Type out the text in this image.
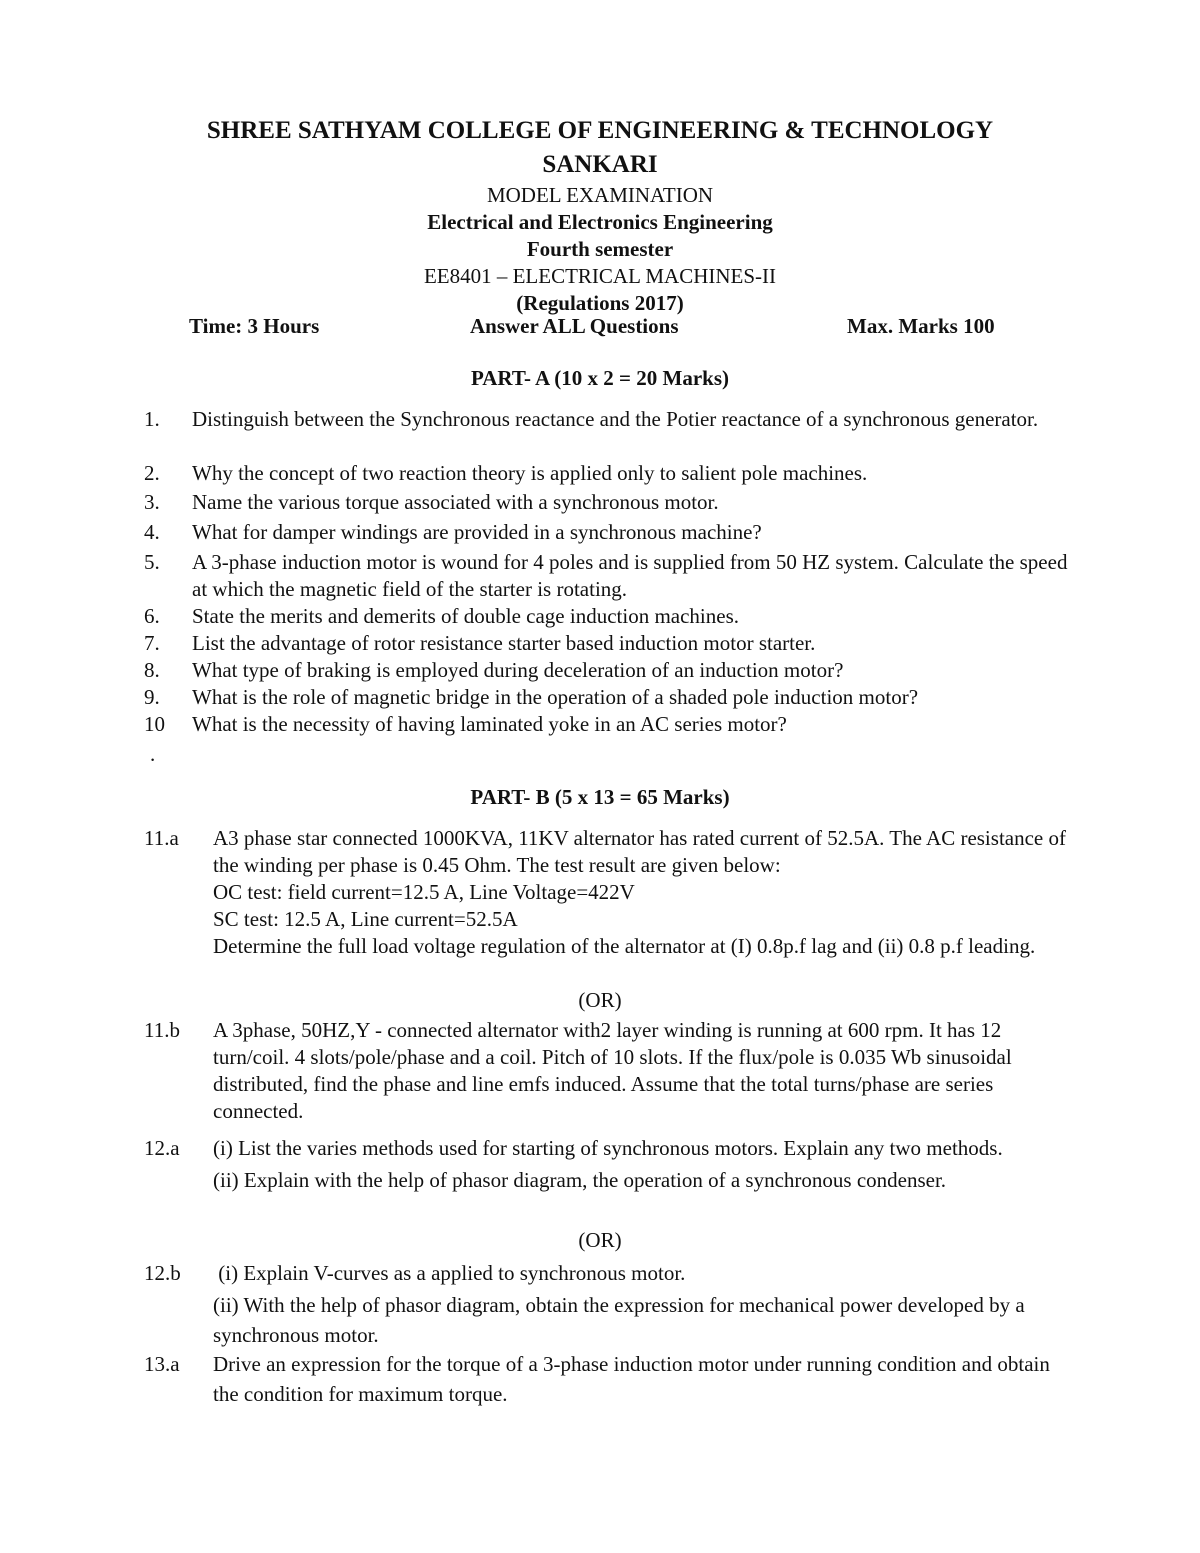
SHREE SATHYAM COLLEGE OF ENGINEERING & TECHNOLOGY
SANKARI
MODEL EXAMINATION
Electrical and Electronics Engineering
Fourth semester
EE8401 – ELECTRICAL MACHINES-II
(Regulations 2017)
Time: 3 Hours	Answer ALL Questions	Max. Marks 100
PART- A (10 x 2 = 20 Marks)
1.	Distinguish between the Synchronous reactance and the Potier reactance of a synchronous generator.
2.	Why the concept of two reaction theory is applied only to salient pole machines.
3.	Name the various torque associated with a synchronous motor.
4.	What for damper windings are provided in a synchronous machine?
5.	A 3-phase induction motor is wound for 4 poles and is supplied from 50 HZ system. Calculate the speed at which the magnetic field of the starter is rotating.
6.	State the merits and demerits of double cage induction machines.
7.	List the advantage of rotor resistance starter based induction motor starter.
8.	What type of braking is employed during deceleration of an induction motor?
9.	What is the role of magnetic bridge in the operation of a shaded pole induction motor?
10	What is the necessity of having laminated yoke in an AC series motor?
.
PART- B (5 x 13 = 65 Marks)
11.a	A3 phase star connected 1000KVA, 11KV alternator has rated current of 52.5A. The AC resistance of the winding per phase is 0.45 Ohm. The test result are given below:

OC test: field current=12.5 A, Line Voltage=422V

SC test: 12.5 A, Line current=52.5A

Determine the full load voltage regulation of the alternator at (I) 0.8p.f lag and (ii) 0.8 p.f leading.

11.b	A 3phase, 50HZ,Y - connected alternator with2 layer winding is running at 600 rpm. It has 12 turn/coil. 4 slots/pole/phase and a coil. Pitch of 10 slots. If the flux/pole is 0.035 Wb sinusoidal distributed, find the phase and line emfs induced. Assume that the total turns/phase are series connected.
12.a	(i) List the varies methods used for starting of synchronous motors. Explain any two methods.

(ii) Explain with the help of phasor diagram, the operation of a synchronous condenser.

12.b	(i) Explain V-curves as a applied to synchronous motor.

(ii) With the help of phasor diagram, obtain the expression for mechanical power developed by a synchronous motor.

13.a	Drive an expression for the torque of a 3-phase induction motor under running condition and obtain the condition for maximum torque.
(OR)
(OR)
